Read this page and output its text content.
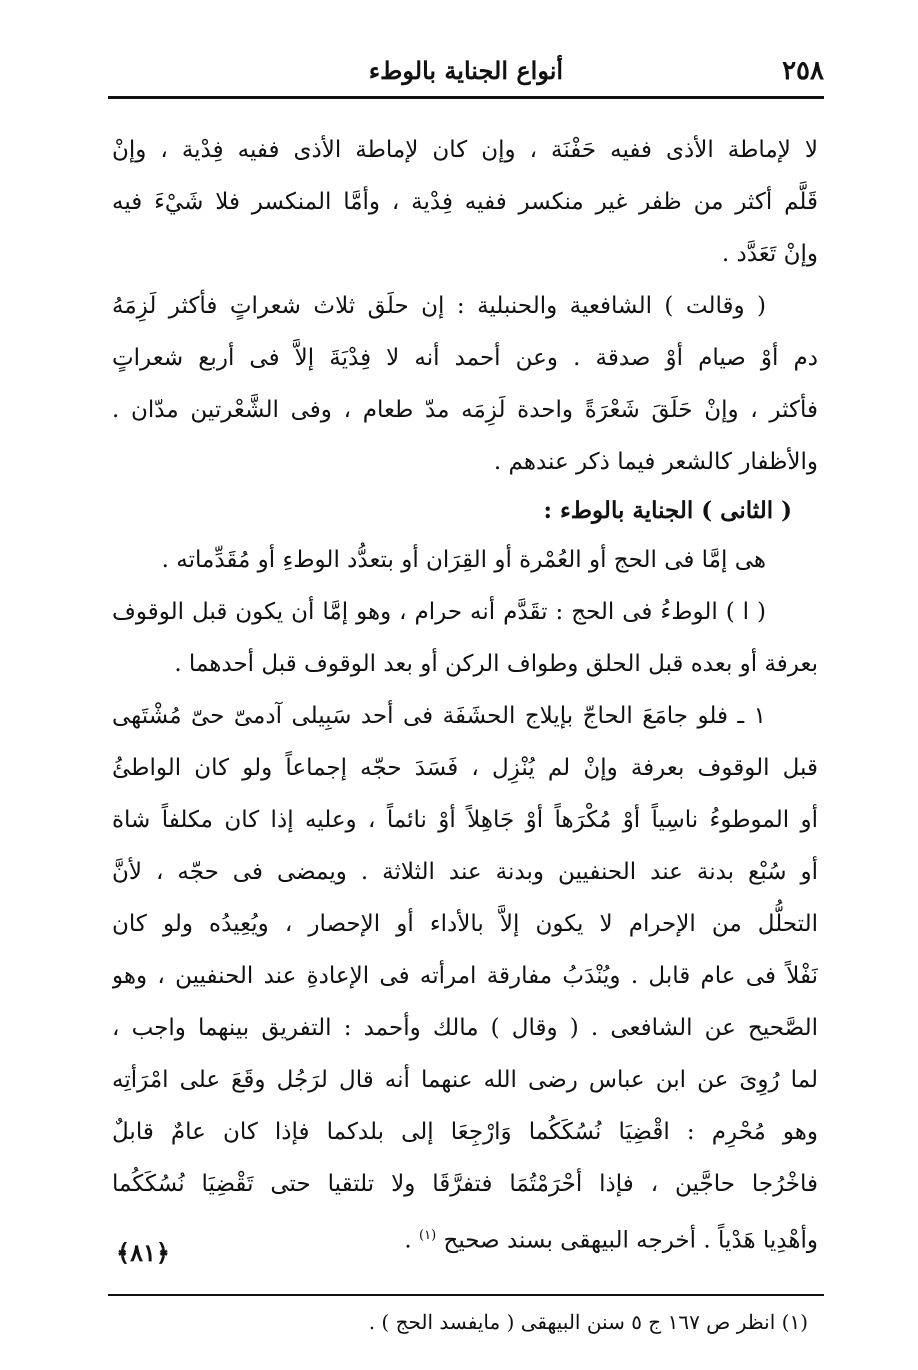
٢٥٨
أنواع الجناية بالوطء
لا لإماطة الأذى ففيه حَفْنَة ، وإن كان لإماطة الأذى ففيه فِدْية ، وإنْ
قَلَّم أكثر من ظفر غير منكسر ففيه فِدْية ، وأمَّا المنكسر فلا شَيْءَ فيه
وإنْ تَعَدَّد .
( وقالت ) الشافعية والحنبلية : إن حلَق ثلاث شعراتٍ فأكثر لَزِمَهُ
دم أوْ صيام أوْ صدقة . وعن أحمد أنه لا فِدْيَةَ إلاَّ فى أربع شعراتٍ
فأكثر ، وإنْ حَلَقَ شَعْرَةً واحدة لَزِمَه مدّ طعام ، وفى الشَّعْرتين مدّان .
والأظفار كالشعر فيما ذكر عندهم .
( الثانى ) الجناية بالوطء :
هى إمَّا فى الحج أو العُمْرة أو القِرَان أو بتعدُّد الوطءِ أو مُقَدِّماته .
( ا ) الوطءُ فى الحج : تقَدَّم أنه حرام ، وهو إمَّا أن يكون قبل الوقوف
بعرفة أو بعده قبل الحلق وطواف الركن أو بعد الوقوف قبل أحدهما .
١ ـ فلو جامَعَ الحاجّ بإيلاج الحشَفَة فى أحد سَبِيلى آدمىّ حىّ مُشْتَهى
قبل الوقوف بعرفة وإنْ لم يُنْزِل ، فَسَدَ حجّه إجماعاً ولو كان الواطئُ
أو الموطوءُ ناسِياً أوْ مُكْرَهاً أوْ جَاهِلاً أوْ نائماً ، وعليه إذا كان مكلفاً شاة
أو سُبْع بدنة عند الحنفيين وبدنة عند الثلاثة . ويمضى فى حجّه ، لأنَّ
التحلُّل من الإحرام لا يكون إلاَّ بالأداء أو الإحصار ، ويُعِيدُه ولو كان
نَفْلاً فى عام قابل . ويُنْدَبُ مفارقة امرأته فى الإعادةِ عند الحنفيين ، وهو
الصَّحيح عن الشافعى . ( وقال ) مالك وأحمد : التفريق بينهما واجب ،
لما رُوِىَ عن ابن عباس رضى الله عنهما أنه قال لرَجُل وقَعَ على امْرَأتِه
وهو مُحْرِم : اقْضِيَا نُسُكَكُما وَارْجِعَا إلى بلدكما فإذا كان عامٌ قابلٌ
فاخْرُجا حاجَّين ، فإذا أحْرَمْتُمَا فتفرَّقَا ولا تلتقيا حتى تَقْضِيَا نُسُكَكُما
وأهْدِيا هَدْياً . أخرجه البيهقى بسند صحيح $^{(١)}$ .
﴿٨١﴾
(١) انظر ص ١٦٧ ج ٥ سنن البيهقى ( مايفسد الحج ) .
